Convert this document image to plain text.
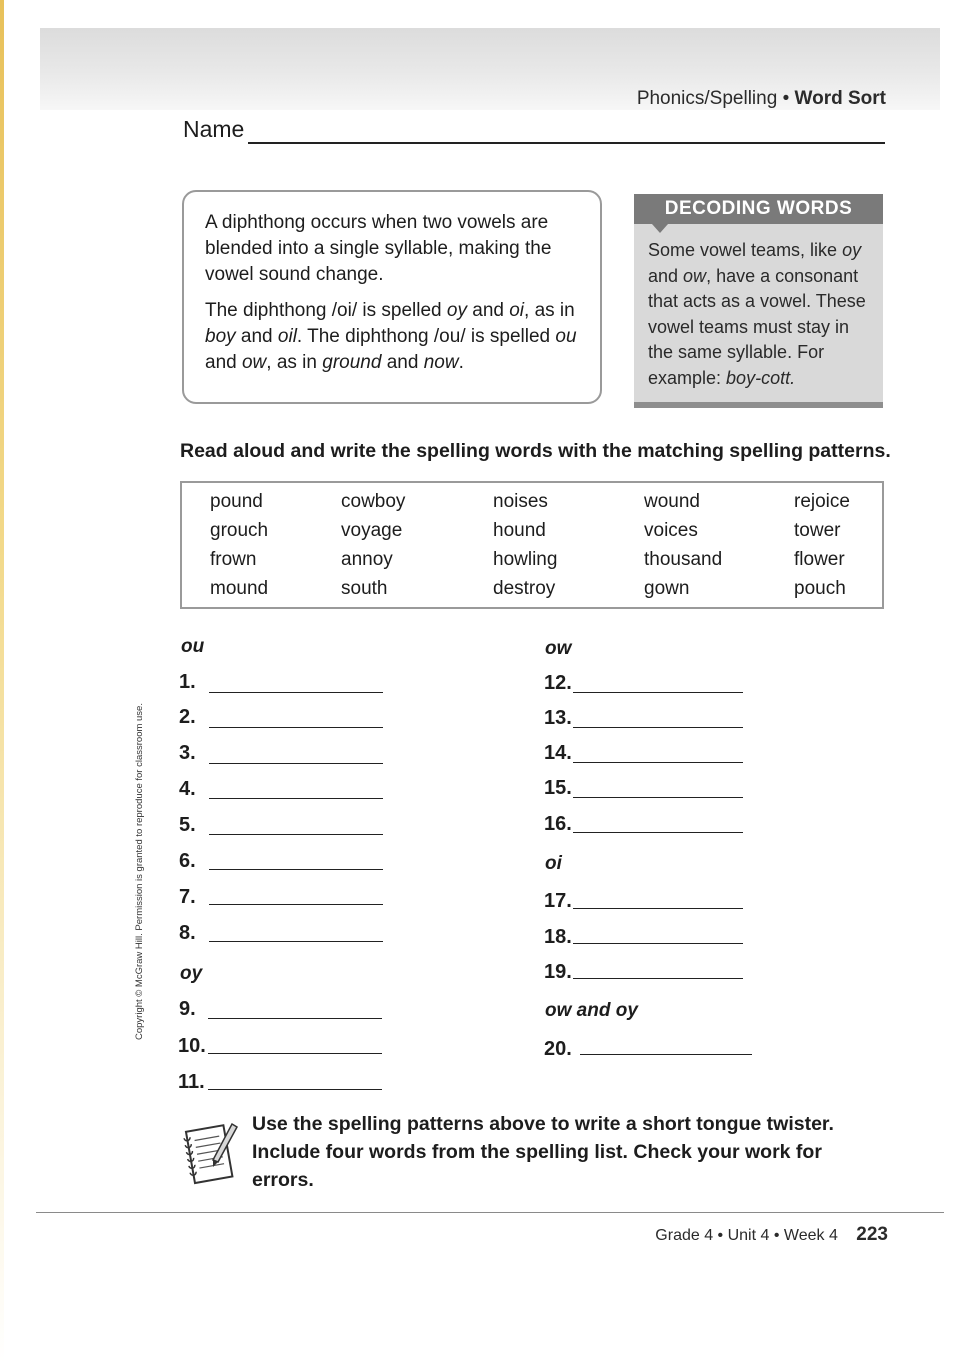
Phonics/Spelling • Word Sort
Name

A diphthong occurs when two vowels are blended into a single syllable, making the vowel sound change.

The diphthong /oi/ is spelled oy and oi, as in boy and oil. The diphthong /ou/ is spelled ou and ow, as in ground and now.

DECODING WORDS
Some vowel teams, like oy and ow, have a consonant that acts as a vowel. These vowel teams must stay in the same syllable. For example: boy-cott.
Read aloud and write the spelling words with the matching spelling patterns.
pound
grouch
frown
mound
cowboy
voyage
annoy
south
noises
hound
howling
destroy
wound
voices
thousand
gown
rejoice
tower
flower
pouch
ou
1.
2.
3.
4.
5.
6.
7.
8.
oy
9.
10.
11.
ow
12.
13.
14.
15.
16.
oi
17.
18.
19.
ow and oy
20.
Copyright © McGraw Hill. Permission is granted to reproduce for classroom use.
Use the spelling patterns above to write a short tongue twister. Include four words from the spelling list. Check your work for errors.
Grade 4 • Unit 4 • Week 4 223
